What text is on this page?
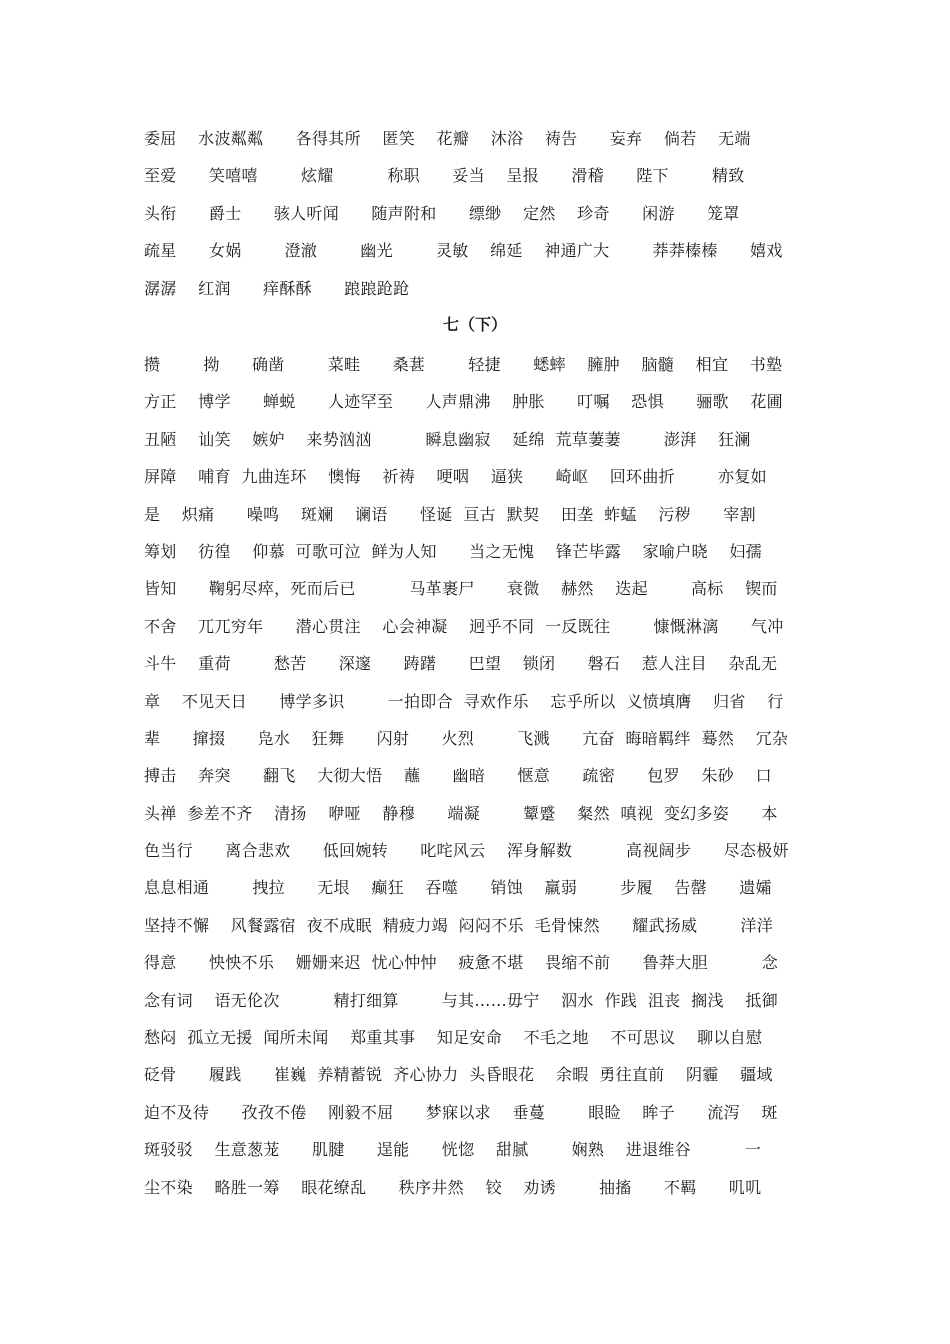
委屈    水波粼粼      各得其所    匿笑    花瓣    沐浴    祷告      妄弃    倘若    无端
至爱      笑嘻嘻        炫耀          称职      妥当    呈报      滑稽      陛下        精致
头衔      爵士      骇人听闻      随声附和      缥缈    定然    珍奇      闲游      笼罩
疏星      女娲        澄澈        幽光        灵敏    绵延    神通广大        莽莽榛榛      嬉戏
潺潺    红润      痒酥酥      踉踉跄跄
七（下）
攒        拗      确凿        菜畦      桑葚        轻捷      蟋蟀    臃肿    脑髓    相宜    书塾
方正    博学      蝉蜕      人迹罕至      人声鼎沸    肿胀      叮嘱    恐惧      骊歌    花圃
丑陋    讪笑    嫉妒    来势汹汹          瞬息幽寂    延绵  荒草萋萋        澎湃    狂澜
屏障    哺育  九曲连环    懊悔    祈祷    哽咽    逼狭      崎岖    回环曲折        亦复如
是    炽痛      噪鸣    斑斓    谰语      怪诞  亘古  默契    田垄  蚱蜢    污秽      宰割
筹划    彷徨    仰慕  可歌可泣  鲜为人知      当之无愧    锋芒毕露    家喻户晓    妇孺
皆知      鞠躬尽瘁，死而后已          马革裹尸      衰微    赫然    迭起        高标    锲而
不舍    兀兀穷年      潜心贯注    心会神凝    迥乎不同  一反既往        慷慨淋漓      气冲
斗牛    重荷        愁苦      深邃      踌躇      巴望    锁闭      磐石    惹人注目    杂乱无
章    不见天日      博学多识        一拍即合  寻欢作乐    忘乎所以  义愤填膺    归省    行
辈      撺掇      凫水    狂舞      闪射      火烈        飞溅      亢奋  晦暗羁绊  蓦然    冗杂
搏击    奔突      翻飞    大彻大悟    蘸      幽暗      惬意      疏密      包罗    朱砂    口
头禅  参差不齐    清扬    咿哑    静穆      端凝        颦蹙    粲然  嗔视  变幻多姿      本
色当行      离合悲欢      低回婉转      叱咤风云    浑身解数          高视阔步      尽态极妍
息息相通        拽拉      无垠    癫狂    吞噬      销蚀    羸弱        步履    告罄      遗孀
坚持不懈    风餐露宿  夜不成眠  精疲力竭  闷闷不乐  毛骨悚然      耀武扬威        洋洋
得意      怏怏不乐    姗姗来迟  忧心忡忡    疲惫不堪    畏缩不前      鲁莽大胆          念
念有词    语无伦次          精打细算        与其……毋宁    泅水  作践  沮丧  搁浅    抵御
愁闷  孤立无援  闻所未闻    郑重其事    知足安命    不毛之地    不可思议    聊以自慰
砭骨      履践      崔巍  养精蓄锐  齐心协力  头昏眼花    余暇  勇往直前    阴霾    疆域
迫不及待      孜孜不倦    刚毅不屈      梦寐以求    垂蔓        眼睑    眸子      流泻    斑
斑驳驳    生意葱茏      肌腱      逞能      恍惚    甜腻        娴熟    进退维谷          一
尘不染    略胜一筹    眼花缭乱      秩序井然    铰    劝诱        抽搐      不羁      叽叽
